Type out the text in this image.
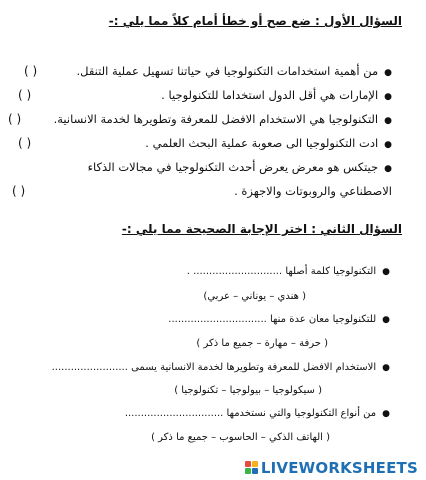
السؤال الأول : ضع صح أو خطأ أمام كلاً مما يلي :-
●من أهمية استخدامات التكنولوجيا في حياتنا تسهيل عملية التنقل.
( )
●الإمارات هي أقل الدول استخداما للتكنولوجيا .
( )
●التكنولوجيا هي الاستخدام الافضل للمعرفة وتطويرها لخدمة الانسانية.
( )
●ادت التكنولوجيا الى صعوبة عملية البحث العلمي .
( )
●جيتكس هو معرض يعرض أحدث التكنولوجيا في مجالات الذكاء
الاصطناعي والروبوتات والاجهزة .
( )
السؤال الثاني : اختر الإجابة الصحيحة مما يلي :-
●التكنولوجيا كلمة أصلها ............................ .
( هندي – يوناني – عربي)
●للتكنولوجيا معان عدة منها ...............................
( حرفة – مهارة – جميع ما ذكر )
●الاستخدام الافضل للمعرفة وتطويرها لخدمة الانسانية يسمى ........................
( سيكولوجيا – بيولوجيا – تكنولوجيا )
●من أنواع التكنولوجيا والتي نستخدمها ...............................
( الهاتف الذكي – الحاسوب – جميع ما ذكر )
LIVEWORKSHEETS
